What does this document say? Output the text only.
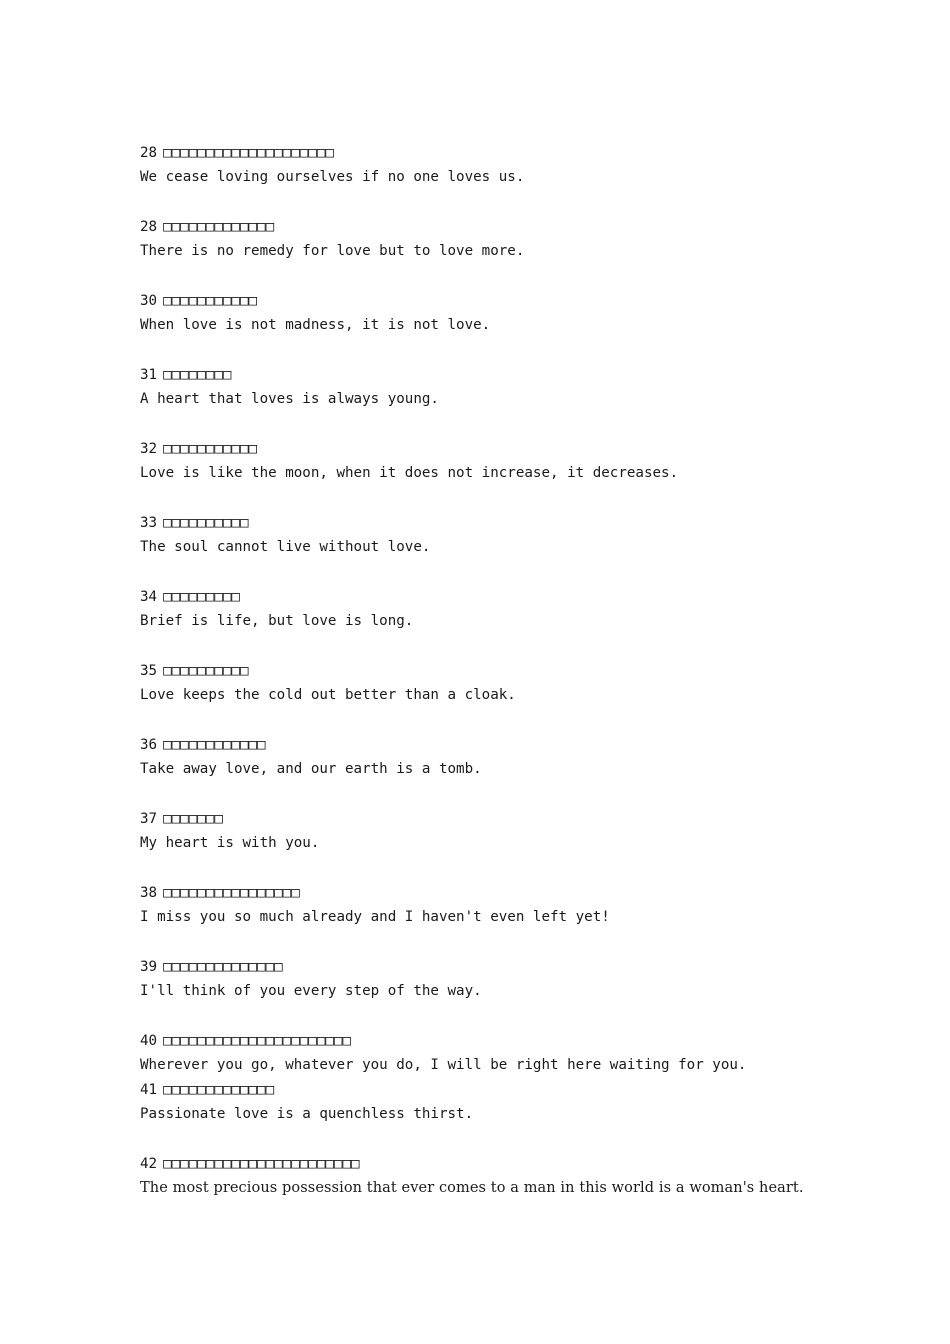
28 □□□□□□□□□□□□□□□□□□□□
We cease loving ourselves if no one loves us.
28 □□□□□□□□□□□□□
There is no remedy for love but to love more.
30 □□□□□□□□□□□
When love is not madness, it is not love.
31 □□□□□□□□
A heart that loves is always young.
32 □□□□□□□□□□□
Love is like the moon, when it does not increase, it decreases.
33 □□□□□□□□□□
The soul cannot live without love.
34 □□□□□□□□□
Brief is life, but love is long.
35 □□□□□□□□□□
Love keeps the cold out better than a cloak.
36 □□□□□□□□□□□□
Take away love, and our earth is a tomb.
37 □□□□□□□
My heart is with you.
38 □□□□□□□□□□□□□□□□
I miss you so much already and I haven't even left yet!
39 □□□□□□□□□□□□□□
I'll think of you every step of the way.
40 □□□□□□□□□□□□□□□□□□□□□□
Wherever you go, whatever you do, I will be right here waiting for you.
41 □□□□□□□□□□□□□
Passionate love is a quenchless thirst.
42 □□□□□□□□□□□□□□□□□□□□□□□
The most precious possession that ever comes to a man in this world is a woman's heart.
